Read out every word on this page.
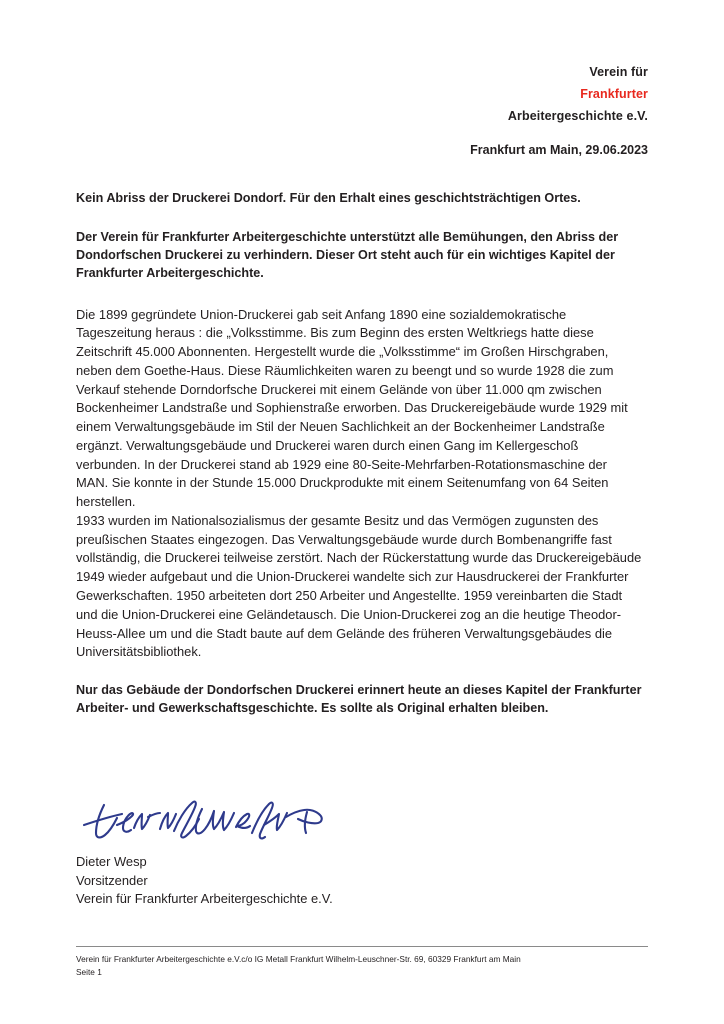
Verein für
Frankfurter
Arbeitergeschichte e.V.
Frankfurt am Main, 29.06.2023

Kein Abriss der Druckerei Dondorf. Für den Erhalt eines geschichtsträchtigen Ortes.

Der Verein für Frankfurter Arbeitergeschichte unterstützt alle Bemühungen, den Abriss der Dondorfschen Druckerei zu verhindern. Dieser Ort steht auch für ein wichtiges Kapitel der Frankfurter Arbeitergeschichte.

Die 1899 gegründete Union-Druckerei gab seit Anfang 1890 eine sozialdemokratische Tageszeitung heraus : die „Volksstimme. Bis zum Beginn des ersten Weltkriegs hatte diese Zeitschrift 45.000 Abonnenten. Hergestellt wurde die „Volksstimme“ im Großen Hirschgraben, neben dem Goethe-Haus. Diese Räumlichkeiten waren zu beengt und so wurde 1928 die zum Verkauf stehende Dorndorfsche Druckerei mit einem Gelände von über 11.000 qm zwischen Bockenheimer Landstraße und Sophienstraße erworben. Das Druckereigebäude wurde 1929 mit einem Verwaltungsgebäude im Stil der Neuen Sachlichkeit an der Bockenheimer Landstraße ergänzt. Verwaltungsgebäude und Druckerei waren durch einen Gang im Kellergeschoß verbunden. In der Druckerei stand ab 1929 eine 80-Seite-Mehrfarben-Rotationsmaschine der MAN. Sie konnte in der Stunde 15.000 Druckprodukte mit einem Seitenumfang von 64 Seiten herstellen.

1933 wurden im Nationalsozialismus der gesamte Besitz und das Vermögen zugunsten des preußischen Staates eingezogen. Das Verwaltungsgebäude wurde durch Bombenangriffe fast vollständig, die Druckerei teilweise zerstört. Nach der Rückerstattung wurde das Druckereigebäude 1949 wieder aufgebaut und die Union-Druckerei wandelte sich zur Hausdruckerei der Frankfurter Gewerkschaften. 1950 arbeiteten dort 250 Arbeiter und Angestellte. 1959 vereinbarten die Stadt und die Union-Druckerei eine Geländetausch. Die Union-Druckerei zog an die heutige Theodor-Heuss-Allee um und die Stadt baute auf dem Gelände des früheren Verwaltungsgebäudes die Universitätsbibliothek.

Nur das Gebäude der Dondorfschen Druckerei erinnert heute an dieses Kapitel der Frankfurter Arbeiter- und Gewerkschaftsgeschichte. Es sollte als Original erhalten bleiben.

Dieter Wesp
Vorsitzender
Verein für Frankfurter Arbeitergeschichte e.V.
Verein für Frankfurter Arbeitergeschichte e.V.c/o IG Metall Frankfurt Wilhelm-Leuschner-Str. 69, 60329 Frankfurt am Main
Seite 1
